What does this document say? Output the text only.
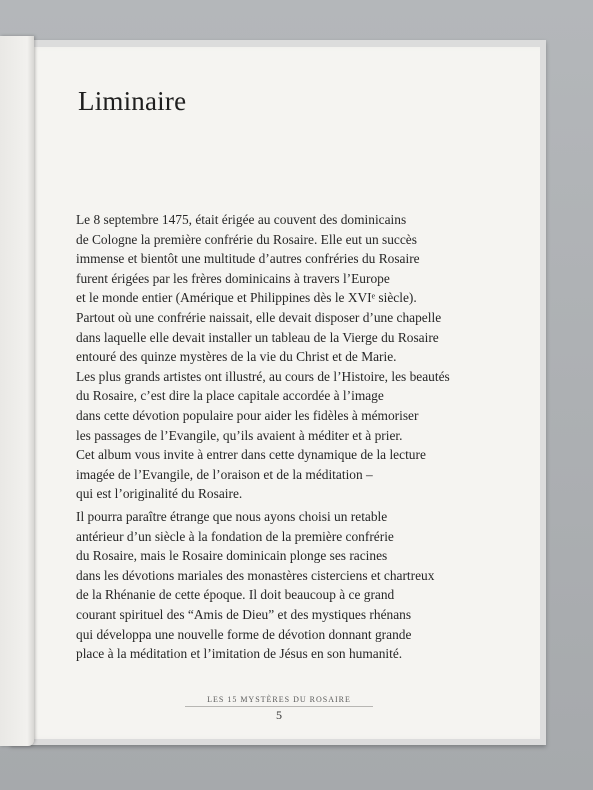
Liminaire
Le 8 septembre 1475, était érigée au couvent des dominicains
de Cologne la première confrérie du Rosaire. Elle eut un succès
immense et bientôt une multitude d’autres confréries du Rosaire
furent érigées par les frères dominicains à travers l’Europe
et le monde entier (Amérique et Philippines dès le XVIᵉ siècle).
Partout où une confrérie naissait, elle devait disposer d’une chapelle
dans laquelle elle devait installer un tableau de la Vierge du Rosaire
entouré des quinze mystères de la vie du Christ et de Marie.
Les plus grands artistes ont illustré, au cours de l’Histoire, les beautés
du Rosaire, c’est dire la place capitale accordée à l’image
dans cette dévotion populaire pour aider les fidèles à mémoriser
les passages de l’Evangile, qu’ils avaient à méditer et à prier.
Cet album vous invite à entrer dans cette dynamique de la lecture
imagée de l’Evangile, de l’oraison et de la méditation –
qui est l’originalité du Rosaire.
Il pourra paraître étrange que nous ayons choisi un retable
antérieur d’un siècle à la fondation de la première confrérie
du Rosaire, mais le Rosaire dominicain plonge ses racines
dans les dévotions mariales des monastères cisterciens et chartreux
de la Rhénanie de cette époque. Il doit beaucoup à ce grand
courant spirituel des “Amis de Dieu” et des mystiques rhénans
qui développa une nouvelle forme de dévotion donnant grande
place à la méditation et l’imitation de Jésus en son humanité.
LES 15 MYSTÈRES DU ROSAIRE
5
